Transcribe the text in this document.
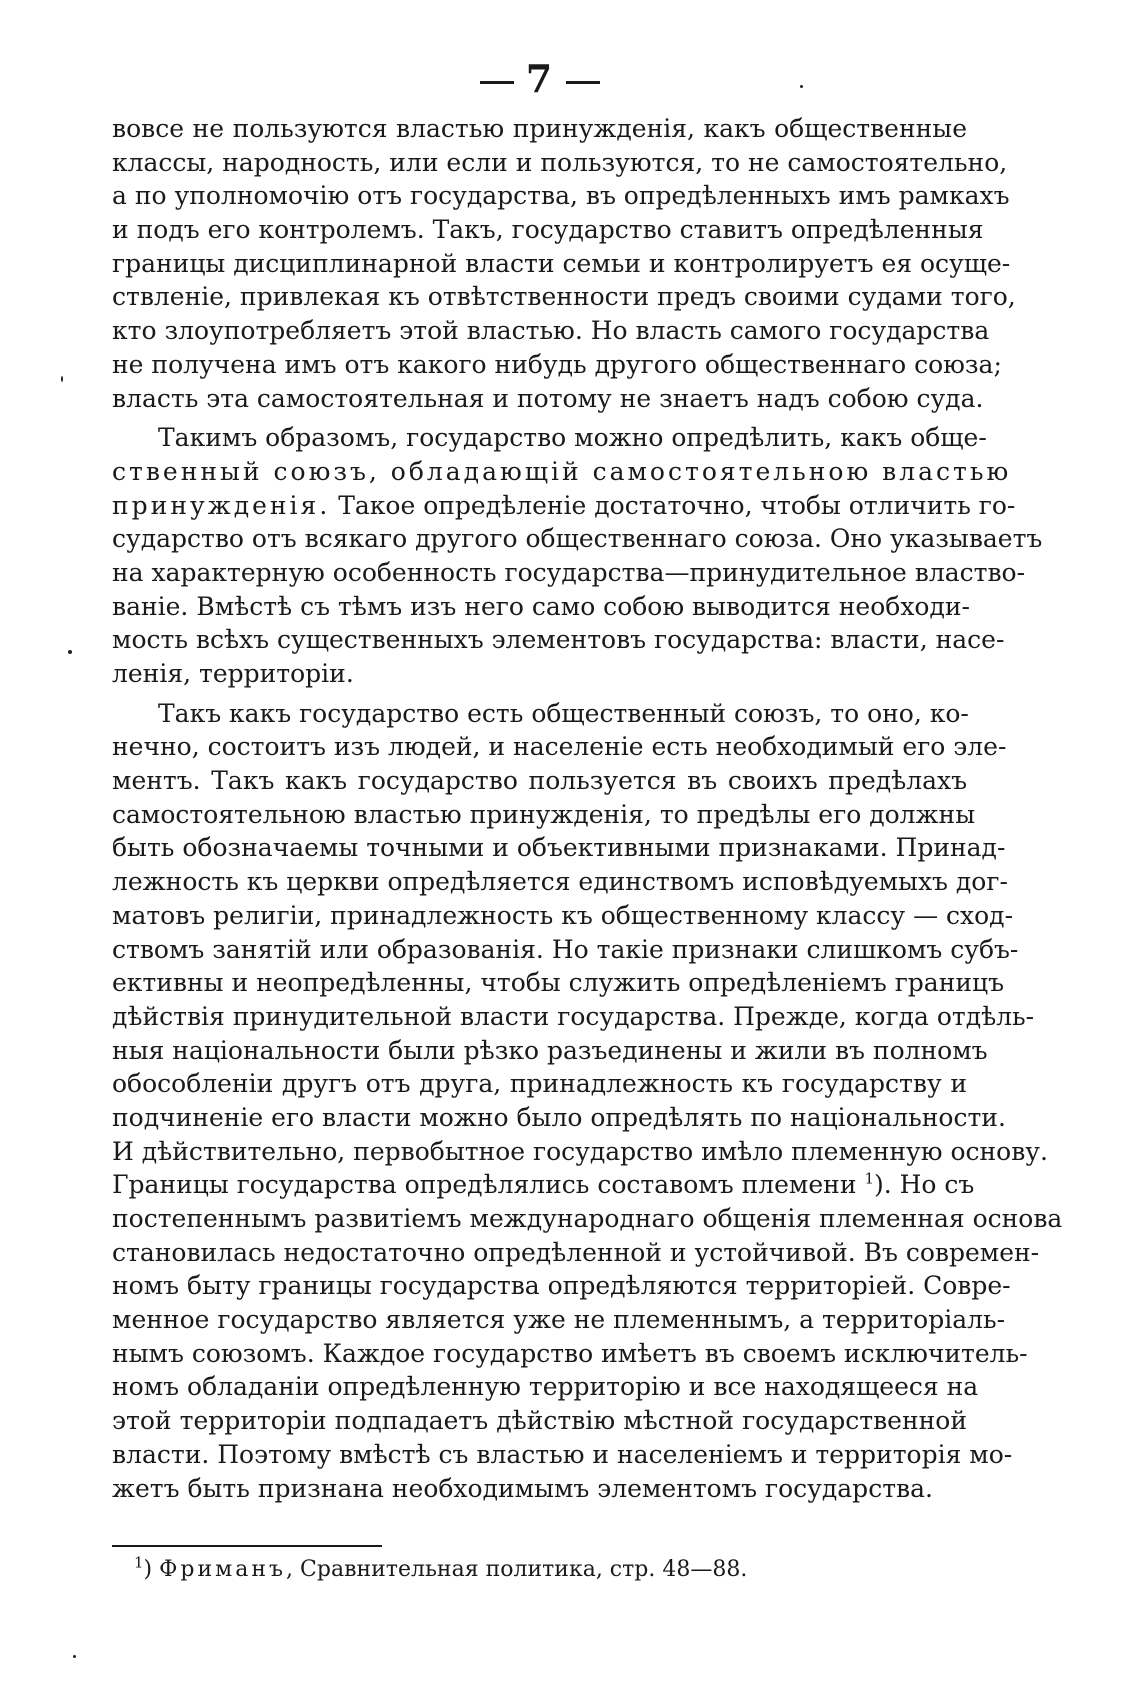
7
вовсе не пользуются властью принужденія, какъ общественные
классы, народность, или если и пользуются, то не самостоятельно,
а по уполномочію отъ государства, въ опредѣленныхъ имъ рамкахъ
и подъ его контролемъ. Такъ, государство ставитъ опредѣленныя
границы дисциплинарной власти семьи и контролируетъ ея осуще-
ствленіе, привлекая къ отвѣтственности предъ своими судами того,
кто злоупотребляетъ этой властью. Но власть самого государства
не получена имъ отъ какого нибудь другого общественнаго союза;
власть эта самостоятельная и потому не знаетъ надъ собою суда.
Такимъ образомъ, государство можно опредѣлить, какъ обще-
ственный союзъ, обладающій самостоятельною властью
принужденія. Такое опредѣленіе достаточно, чтобы отличить го-
сударство отъ всякаго другого общественнаго союза. Оно указываетъ
на характерную особенность государства—принудительное властво-
ваніе. Вмѣстѣ съ тѣмъ изъ него само собою выводится необходи-
мость всѣхъ существенныхъ элементовъ государства: власти, насе-
ленія, территоріи.
Такъ какъ государство есть общественный союзъ, то оно, ко-
нечно, состоитъ изъ людей, и населеніе есть необходимый его эле-
ментъ. Такъ какъ государство пользуется въ своихъ предѣлахъ
самостоятельною властью принужденія, то предѣлы его должны
быть обозначаемы точными и объективными признаками. Принад-
лежность къ церкви опредѣляется единствомъ исповѣдуемыхъ дог-
матовъ религіи, принадлежность къ общественному классу — сход-
ствомъ занятій или образованія. Но такіе признаки слишкомъ субъ-
ективны и неопредѣленны, чтобы служить опредѣленіемъ границъ
дѣйствія принудительной власти государства. Прежде, когда отдѣль-
ныя національности были рѣзко разъединены и жили въ полномъ
обособленіи другъ отъ друга, принадлежность къ государству и
подчиненіе его власти можно было опредѣлять по національности.
И дѣйствительно, первобытное государство имѣло племенную основу.
Границы государства опредѣлялись составомъ племени $^1$). Но съ
постепеннымъ развитіемъ международнаго общенія племенная основа
становилась недостаточно опредѣленной и устойчивой. Въ современ-
номъ быту границы государства опредѣляются территоріей. Совре-
менное государство является уже не племеннымъ, а территоріаль-
нымъ союзомъ. Каждое государство имѣетъ въ своемъ исключитель-
номъ обладаніи опредѣленную территорію и все находящееся на
этой территоріи подпадаетъ дѣйствію мѣстной государственной
власти. Поэтому вмѣстѣ съ властью и населеніемъ и территорія мо-
жетъ быть признана необходимымъ элементомъ государства.
$^1$) Фриманъ, Сравнительная политика, стр. 48—88.
